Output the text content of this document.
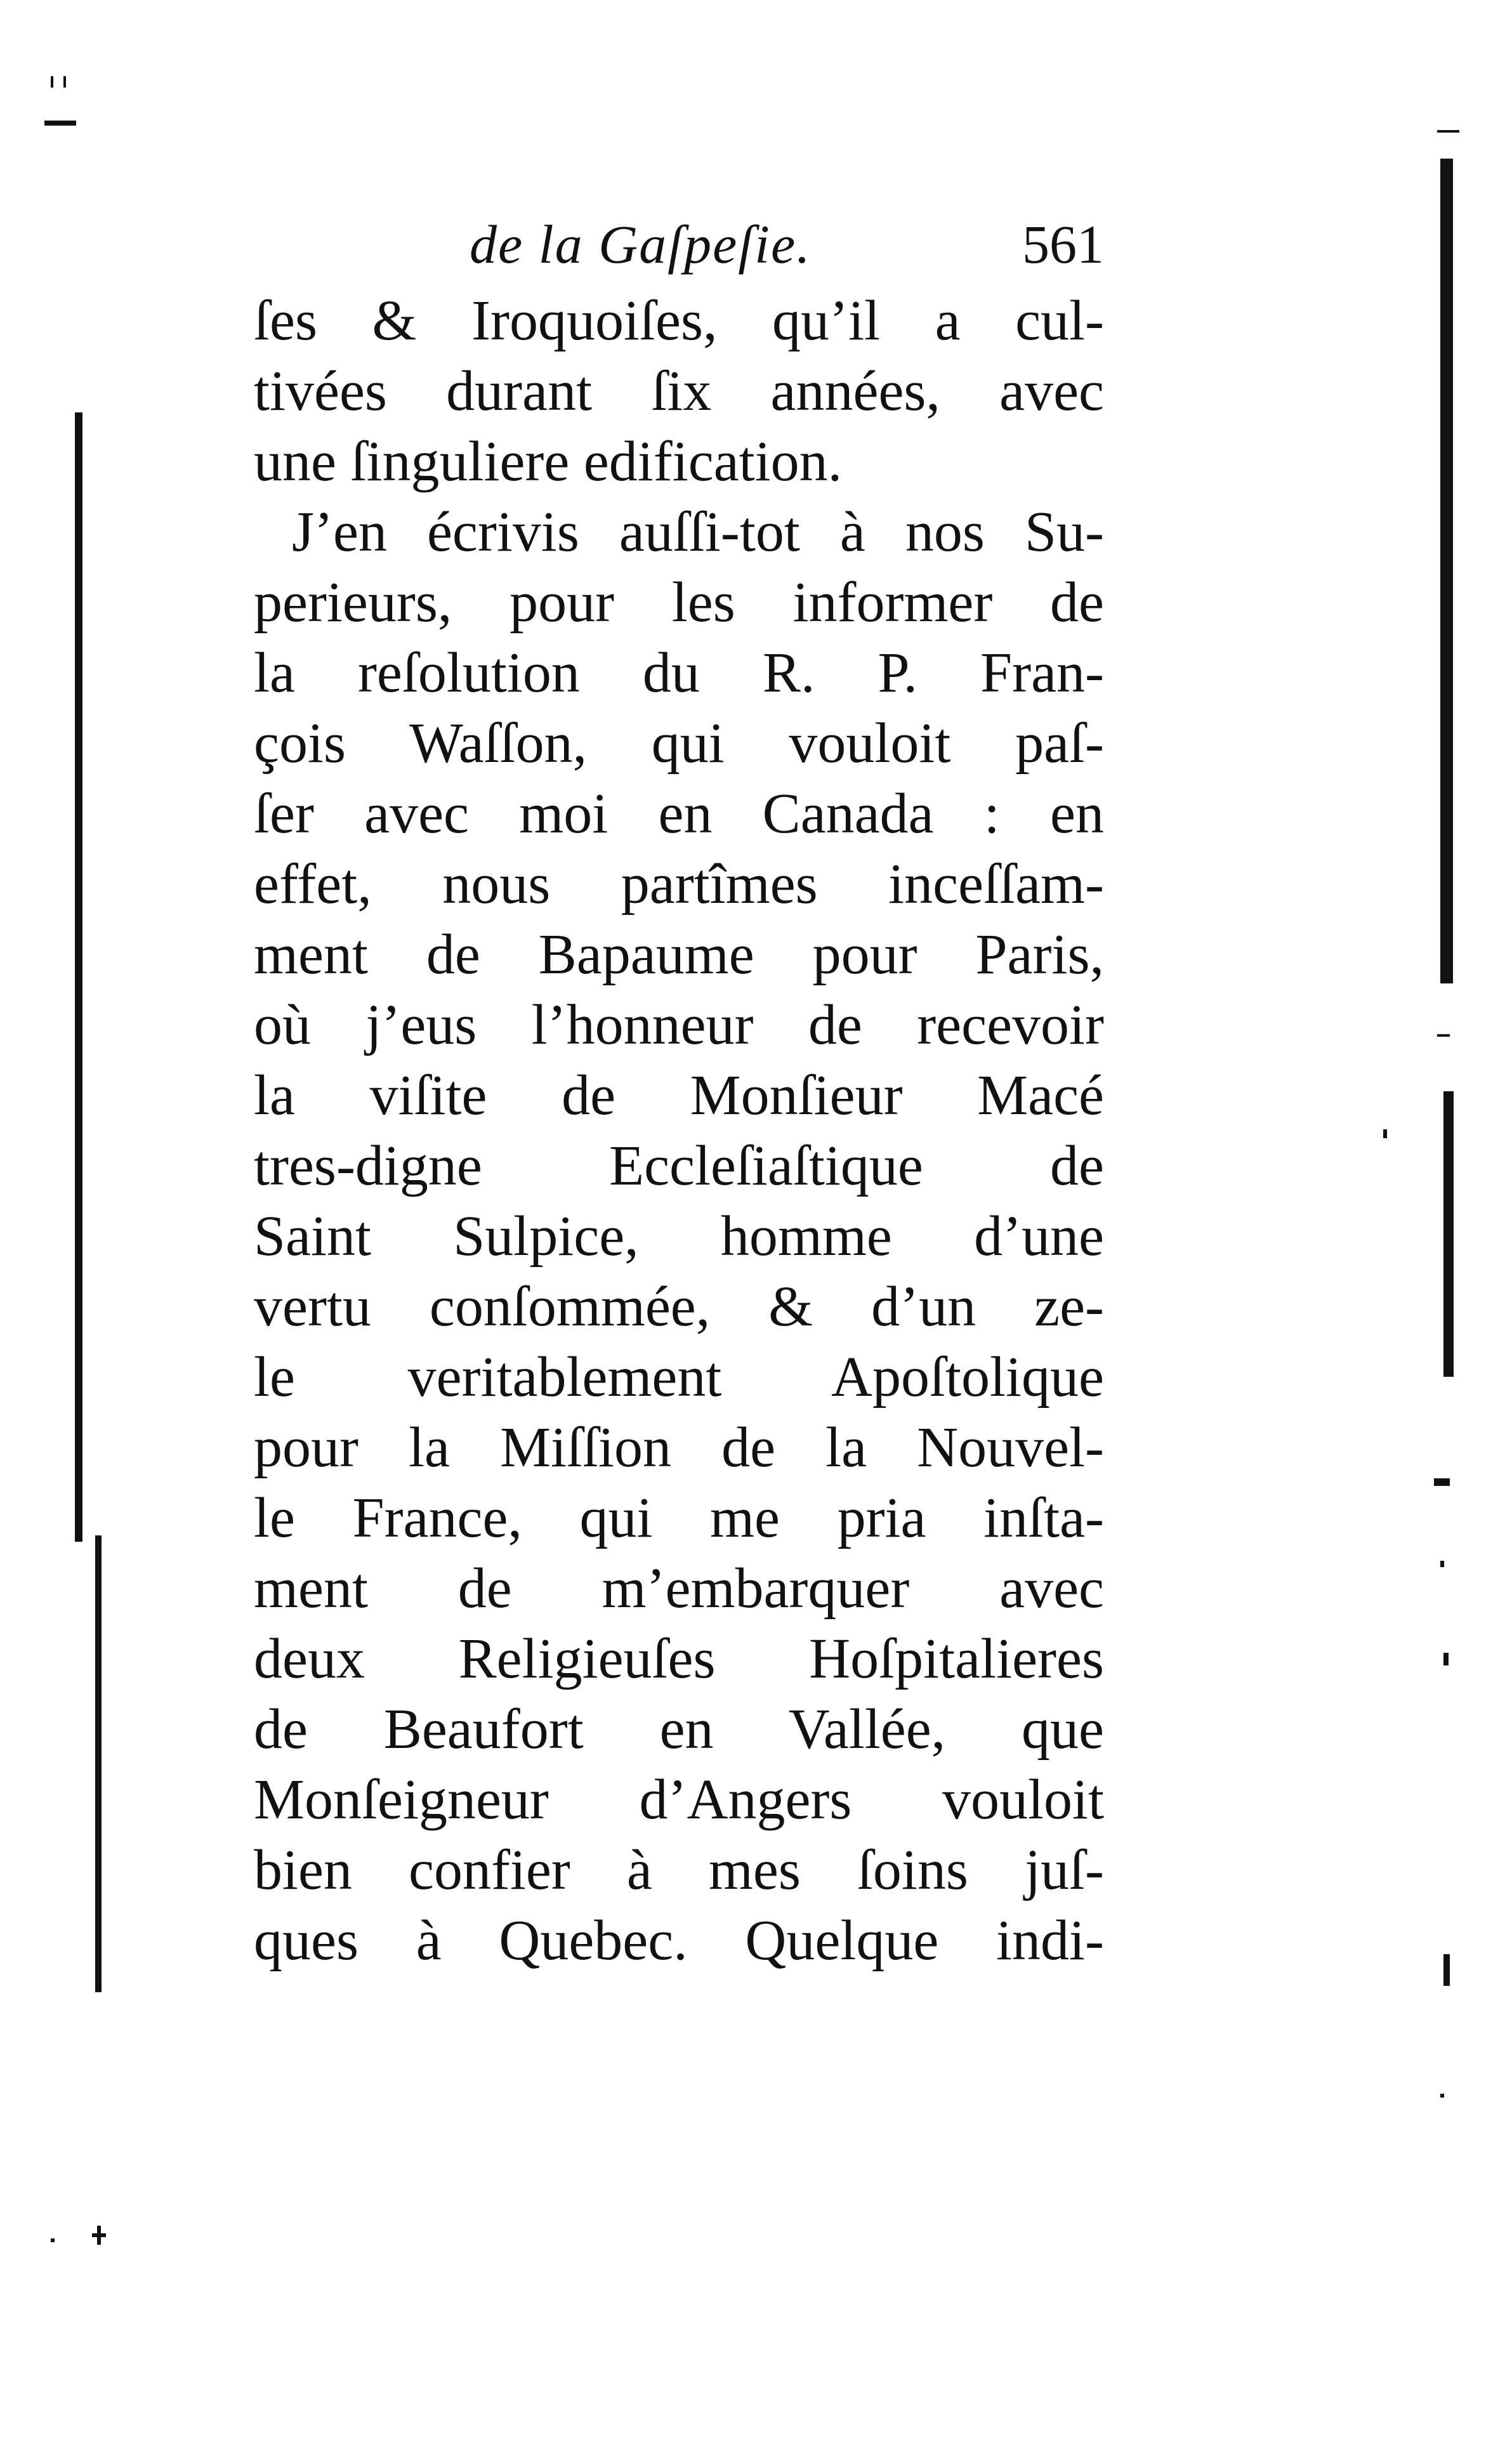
de la Gaſpeſie.	561
ſes & Iroquoiſes, qu’il a cul-
tivées durant ſix années, avec
une ſinguliere edification.
J’en écrivis auſſi-tot à nos Su-
perieurs, pour les informer de
la reſolution du R. P. Fran-
çois Waſſon, qui vouloit paſ-
ſer avec moi en Canada : en
effet, nous partîmes inceſſam-
ment de Bapaume pour Paris,
où j’eus l’honneur de recevoir
la viſite de Monſieur Macé
tres-digne Eccleſiaſtique de
Saint Sulpice, homme d’une
vertu conſommée, & d’un ze-
le veritablement Apoſtolique
pour la Miſſion de la Nouvel-
le France, qui me pria inſta-
ment de m’embarquer avec
deux Religieuſes Hoſpitalieres
de Beaufort en Vallée, que
Monſeigneur d’Angers vouloit
bien confier à mes ſoins juſ-
ques à Quebec. Quelque indi-
